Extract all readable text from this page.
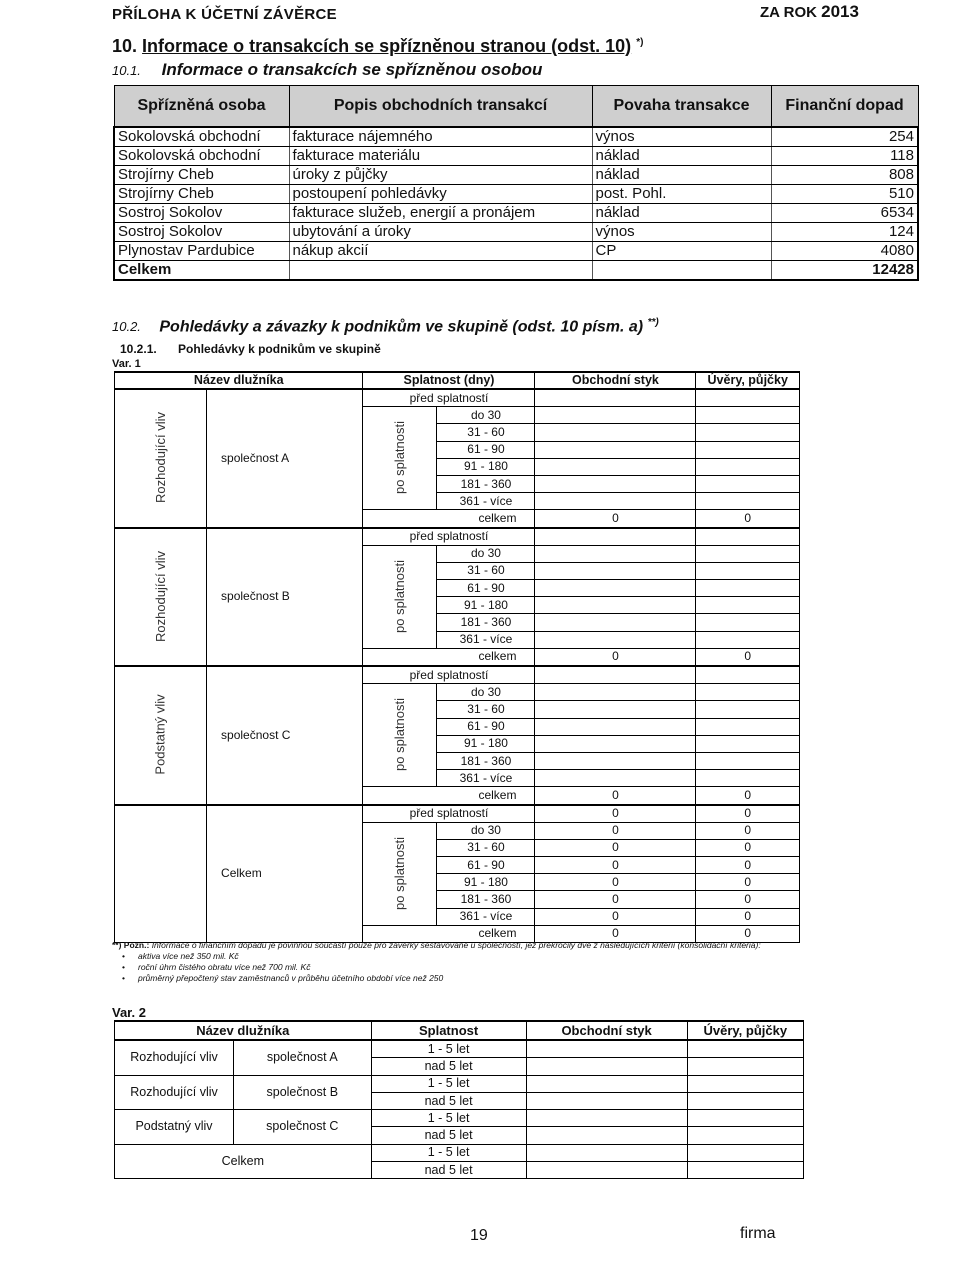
PŘÍLOHA K ÚČETNÍ ZÁVĚRCE	ZA ROK 2013
10. Informace o transakcích se spřízněnou stranou (odst. 10) *)
10.1. Informace o transakcích se spřízněnou osobou
Spřízněná osoba	Popis obchodních transakcí	Povaha transakce	Finanční dopad
Sokolovská obchodní	fakturace nájemného	výnos	254
Sokolovská obchodní	fakturace materiálu	náklad	118
Strojírny Cheb	úroky z půjčky	náklad	808
Strojírny Cheb	postoupení pohledávky	post. Pohl.	510
Sostroj Sokolov	fakturace služeb, energií a pronájem	náklad	6534
Sostroj Sokolov	ubytování a úroky	výnos	124
Plynostav Pardubice	nákup akcií	CP	4080
Celkem			12428
10.2. Pohledávky a závazky k podnikům ve skupině (odst. 10 písm. a) **)
10.2.1. Pohledávky k podnikům ve skupině
Var. 1
Název dlužníka		Splatnost (dny)		Obchodní styk	Úvěry, půjčky
Rozhodující vliv	společnost A	před splatností			
		po splatnosti	do 30		
			31 - 60		
			61 - 90		
			91 - 180		
			181 - 360		
			361 - více		
		celkem		0	0
Rozhodující vliv	společnost B	před splatností			
		po splatnosti	do 30		
			31 - 60		
			61 - 90		
			91 - 180		
			181 - 360		
			361 - více		
		celkem		0	0
Podstatný vliv	společnost C	před splatností			
		po splatnosti	do 30		
			31 - 60		
			61 - 90		
			91 - 180		
			181 - 360		
			361 - více		
		celkem		0	0
	Celkem	před splatností		0	0
		po splatnosti	do 30	0	0
			31 - 60	0	0
			61 - 90	0	0
			91 - 180	0	0
			181 - 360	0	0
			361 - více	0	0
		celkem		0	0
**) Pozn.: Informace o finančním dopadu je povinnou součástí pouze pro závěrky sestavované u společností, jež překročily dvě z následujících kritérií (konsolidační kritéria):
• aktiva více než 350 mil. Kč
• roční úhrn čistého obratu více než 700 mil. Kč
• průměrný přepočtený stav zaměstnanců v průběhu účetního období více než 250
Var. 2
Název dlužníka		Splatnost	Obchodní styk	Úvěry, půjčky
Rozhodující vliv	společnost A	1 - 5 let		
		nad 5 let		
Rozhodující vliv	společnost B	1 - 5 let		
		nad 5 let		
Podstatný vliv	společnost C	1 - 5 let		
		nad 5 let		
Celkem		1 - 5 let		
		nad 5 let		
19	firma
